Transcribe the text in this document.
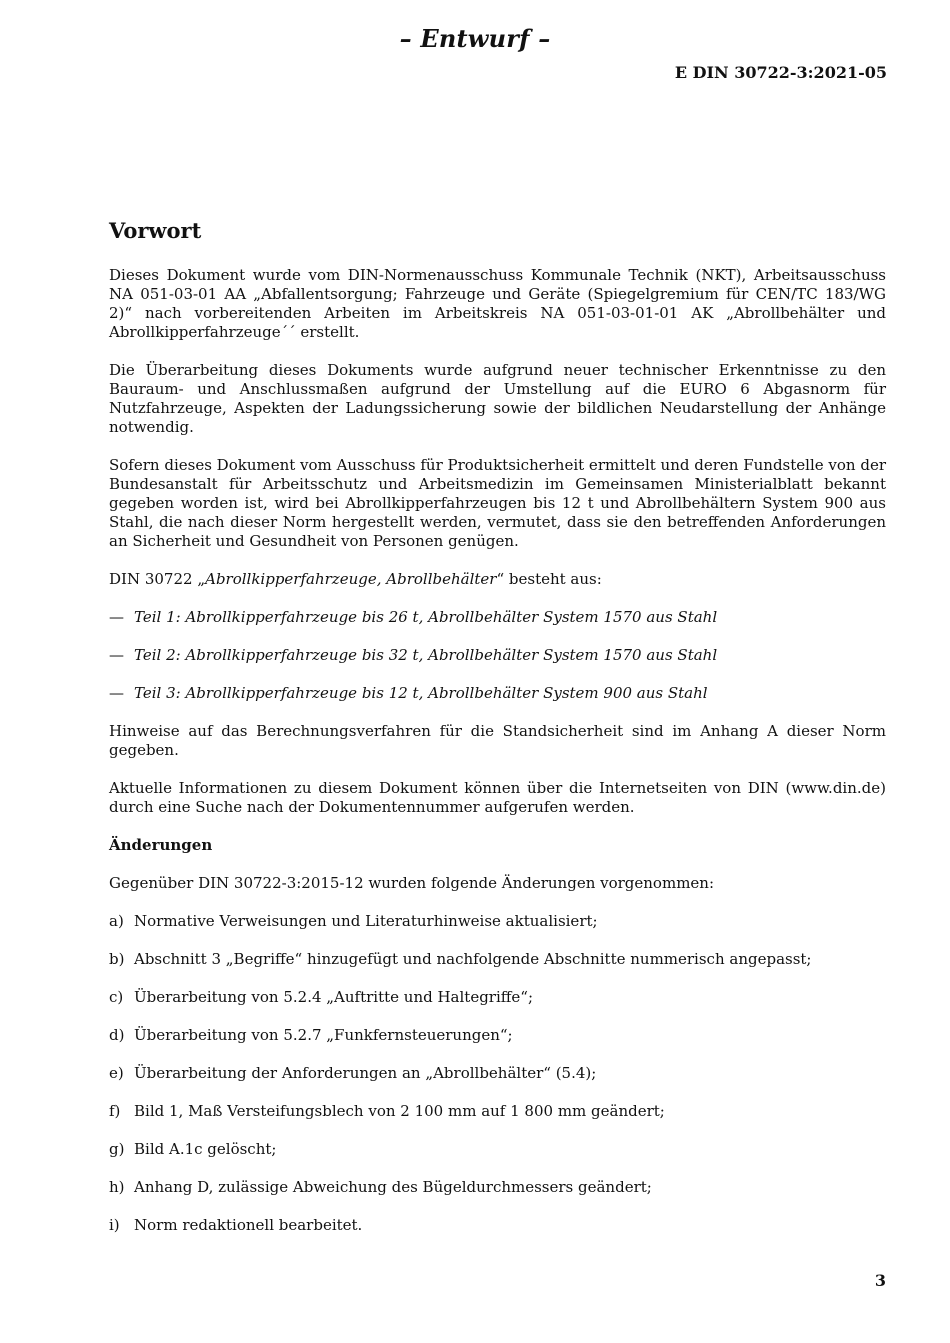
– Entwurf –
E DIN 30722-3:2021-05
Vorwort

Dieses Dokument wurde vom DIN-Normenausschuss Kommunale Technik (NKT), Arbeitsausschuss NA 051-03-01 AA „Abfallentsorgung; Fahrzeuge und Geräte (Spiegelgremium für CEN/TC 183/WG 2)“ nach vorbereitenden Arbeiten im Arbeitskreis NA 051-03-01-01 AK „Abrollbehälter und Abrollkipperfahrzeuge´´ erstellt.

Die Überarbeitung dieses Dokuments wurde aufgrund neuer technischer Erkenntnisse zu den Bauraum- und Anschlussmaßen aufgrund der Umstellung auf die EURO 6 Abgasnorm für Nutzfahrzeuge, Aspekten der Ladungssicherung sowie der bildlichen Neudarstellung der Anhänge notwendig.

Sofern dieses Dokument vom Ausschuss für Produktsicherheit ermittelt und deren Fundstelle von der Bundesanstalt für Arbeitsschutz und Arbeitsmedizin im Gemeinsamen Ministerialblatt bekannt gegeben worden ist, wird bei Abrollkipperfahrzeugen bis 12 t und Abrollbehältern System 900 aus Stahl, die nach dieser Norm hergestellt werden, vermutet, dass sie den betreffenden Anforderungen an Sicherheit und Gesundheit von Personen genügen.

DIN 30722 „Abrollkipperfahrzeuge, Abrollbehälter“ besteht aus:

— Teil 1: Abrollkipperfahrzeuge bis 26 t, Abrollbehälter System 1570 aus Stahl
— Teil 2: Abrollkipperfahrzeuge bis 32 t, Abrollbehälter System 1570 aus Stahl
— Teil 3: Abrollkipperfahrzeuge bis 12 t, Abrollbehälter System 900 aus Stahl

Hinweise auf das Berechnungsverfahren für die Standsicherheit sind im Anhang A dieser Norm gegeben.

Aktuelle Informationen zu diesem Dokument können über die Internetseiten von DIN (www.din.de) durch eine Suche nach der Dokumentennummer aufgerufen werden.

Änderungen

Gegenüber DIN 30722-3:2015-12 wurden folgende Änderungen vorgenommen:

a) Normative Verweisungen und Literaturhinweise aktualisiert;
b) Abschnitt 3 „Begriffe“ hinzugefügt und nachfolgende Abschnitte nummerisch angepasst;
c) Überarbeitung von 5.2.4 „Auftritte und Haltegriffe“;
d) Überarbeitung von 5.2.7 „Funkfernsteuerungen“;
e) Überarbeitung der Anforderungen an „Abrollbehälter“ (5.4);
f) Bild 1, Maß Versteifungsblech von 2 100 mm auf 1 800 mm geändert;
g) Bild A.1c gelöscht;
h) Anhang D, zulässige Abweichung des Bügeldurchmessers geändert;
i) Norm redaktionell bearbeitet.
3
